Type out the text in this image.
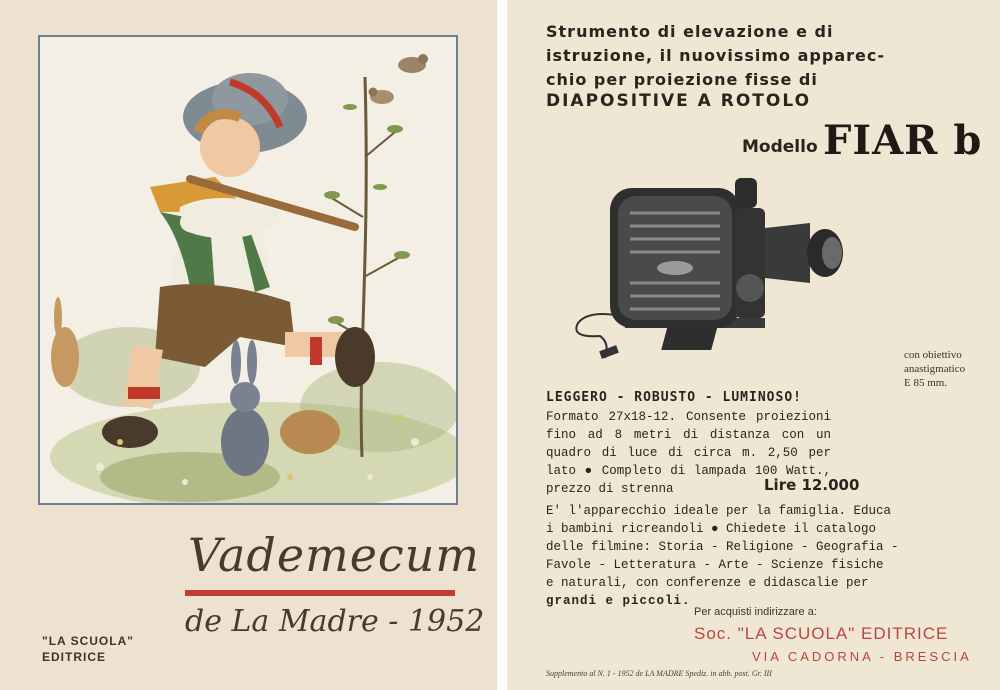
Vademecum
de La Madre - 1952
"LA SCUOLA"
EDITRICE
Strumento di elevazione e di
istruzione, il nuovissimo apparec-
chio per proiezione fisse di
DIAPOSITIVE A ROTOLO
Modello FIAR b
con obiettivo
anastigmatico
E 85 mm.
LEGGERO - ROBUSTO - LUMINOSO!
Formato 27x18-12. Consente proiezioni fino ad 8 metri di distanza con un quadro di luce di circa m. 2,50 per lato ● Completo di lampada 100 Watt., prezzo di strenna	Lire 12.000
E' l'apparecchio ideale per la famiglia. Educa
i bambini ricreandoli ● Chiedete il catalogo
delle filmine: Storia - Religione - Geografia -
Favole - Letteratura - Arte - Scienze fisiche
e naturali, con conferenze e didascalie per
grandi e piccoli.
Per acquisti indirizzare a:
Soc. "LA SCUOLA" EDITRICE
VIA CADORNA - BRESCIA
Supplemento al N. 1 - 1952 de LA MADRE Spediz. in abb. post. Gr. III
